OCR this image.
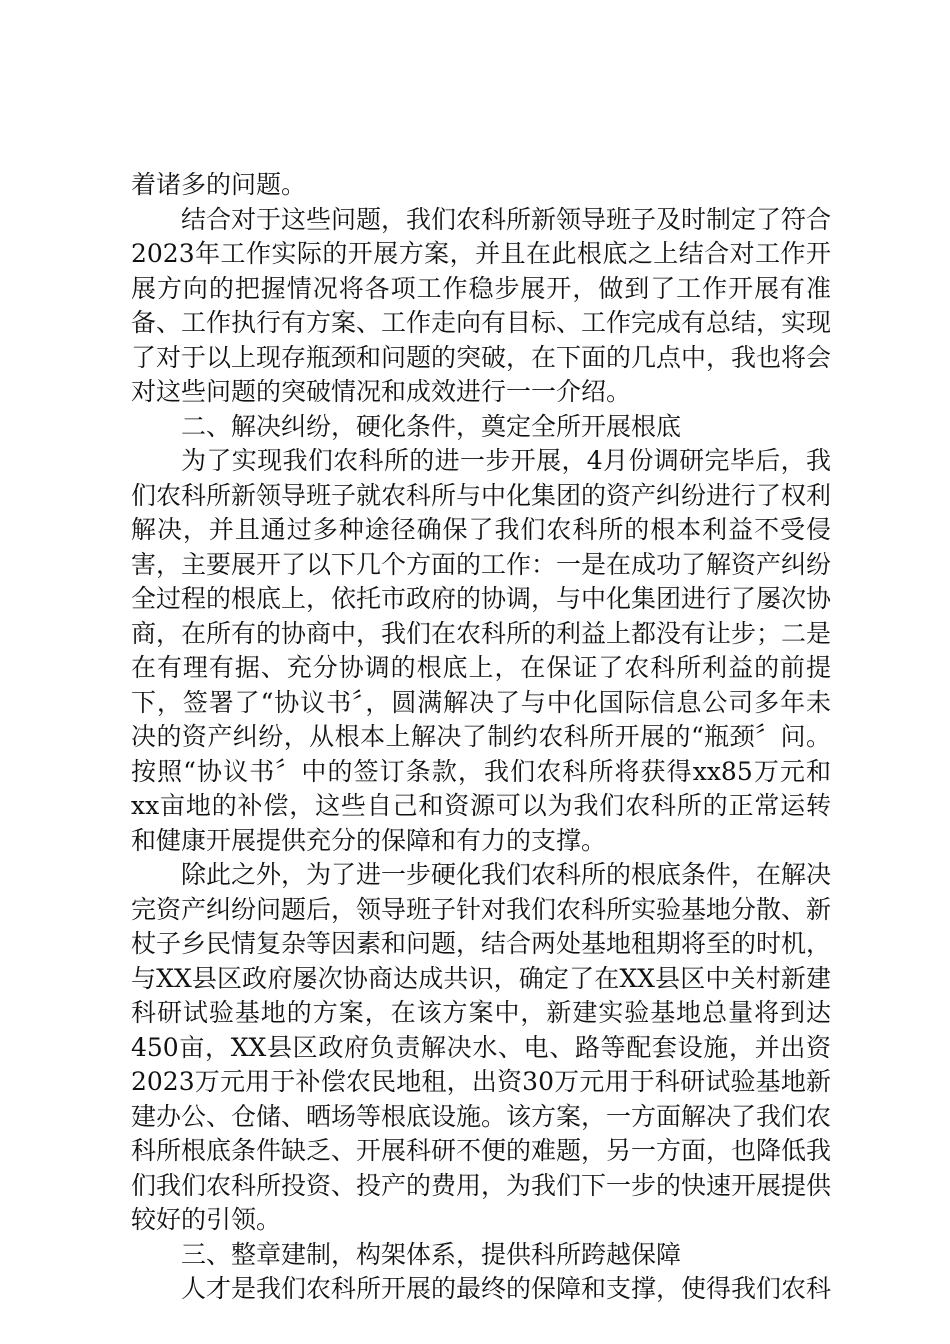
着诸多的问题。

结合对于这些问题，我们农科所新领导班子及时制定了符合2023年工作实际的开展方案，并且在此根底之上结合对工作开展方向的把握情况将各项工作稳步展开，做到了工作开展有准备、工作执行有方案、工作走向有目标、工作完成有总结，实现了对于以上现存瓶颈和问题的突破，在下面的几点中，我也将会对这些问题的突破情况和成效进行一一介绍。

二、解决纠纷，硬化条件，奠定全所开展根底

为了实现我们农科所的进一步开展，4月份调研完毕后，我们农科所新领导班子就农科所与中化集团的资产纠纷进行了权利解决，并且通过多种途径确保了我们农科所的根本利益不受侵害，主要展开了以下几个方面的工作：一是在成功了解资产纠纷全过程的根底上，依托市政府的协调，与中化集团进行了屡次协商，在所有的协商中，我们在农科所的利益上都没有让步；二是在有理有据、充分协调的根底上，在保证了农科所利益的前提下，签署了“协议书〞，圆满解决了与中化国际信息公司多年未决的资产纠纷，从根本上解决了制约农科所开展的“瓶颈〞问。按照“协议书〞中的签订条款，我们农科所将获得xx85万元和xx亩地的补偿，这些自己和资源可以为我们农科所的正常运转和健康开展提供充分的保障和有力的支撑。

除此之外，为了进一步硬化我们农科所的根底条件，在解决完资产纠纷问题后，领导班子针对我们农科所实验基地分散、新杖子乡民情复杂等因素和问题，结合两处基地租期将至的时机，与XX县区政府屡次协商达成共识，确定了在XX县区中关村新建科研试验基地的方案，在该方案中，新建实验基地总量将到达450亩，XX县区政府负责解决水、电、路等配套设施，并出资2023万元用于补偿农民地租，出资30万元用于科研试验基地新建办公、仓储、晒场等根底设施。该方案，一方面解决了我们农科所根底条件缺乏、开展科研不便的难题，另一方面，也降低我们我们农科所投资、投产的费用，为我们下一步的快速开展提供较好的引领。

三、整章建制，构架体系，提供科所跨越保障

人才是我们农科所开展的最终的保障和支撑，使得我们农科
